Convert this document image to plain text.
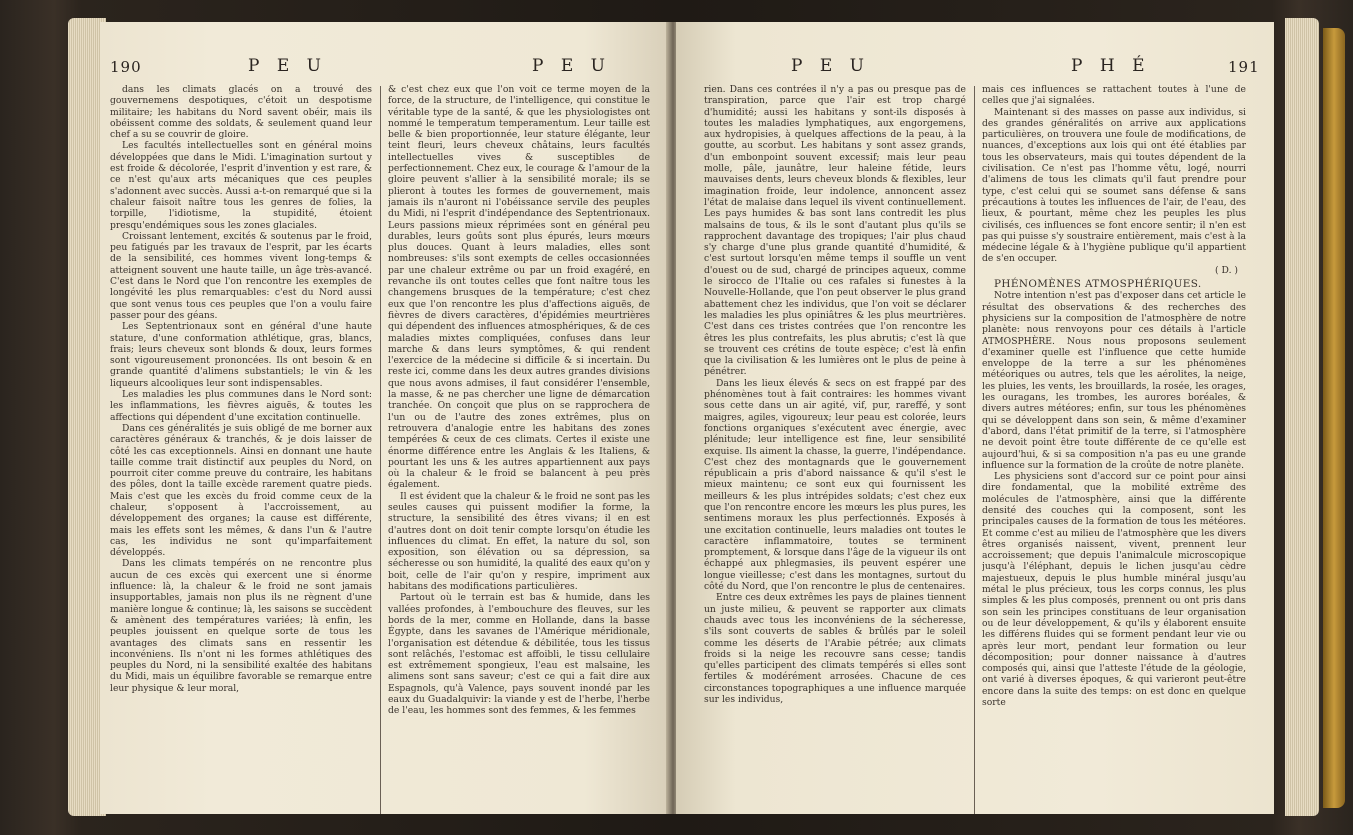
190	P E U	P E U

dans les climats glacés on a trouvé des gouvernemens despotiques, c'étoit un despotisme militaire; les habitans du Nord savent obéir, mais ils obéissent comme des soldats, & seulement quand leur chef a su se couvrir de gloire.

Les facultés intellectuelles sont en général moins développées que dans le Midi. L'imagination surtout y est froide & décolorée, l'esprit d'invention y est rare, & ce n'est qu'aux arts mécaniques que ces peuples s'adonnent avec succès. Aussi a-t-on remarqué que si la chaleur faisoit naître tous les genres de folies, la torpille, l'idiotisme, la stupidité, étoient presqu'endémiques sous les zones glaciales.

Croissant lentement, excités & soutenus par le froid, peu fatigués par les travaux de l'esprit, par les écarts de la sensibilité, ces hommes vivent long-temps & atteignent souvent une haute taille, un âge très-avancé. C'est dans le Nord que l'on rencontre les exemples de longévité les plus remarquables: c'est du Nord aussi que sont venus tous ces peuples que l'on a voulu faire passer pour des géans.

Les Septentrionaux sont en général d'une haute stature, d'une conformation athlétique, gras, blancs, frais; leurs cheveux sont blonds & doux, leurs formes sont vigoureusement prononcées. Ils ont besoin & en grande quantité d'alimens substantiels; le vin & les liqueurs alcooliques leur sont indispensables.

Les maladies les plus communes dans le Nord sont: les inflammations, les fièvres aiguës, & toutes les affections qui dépendent d'une excitation continuelle.

Dans ces généralités je suis obligé de me borner aux caractères généraux & tranchés, & je dois laisser de côté les cas exceptionnels. Ainsi en donnant une haute taille comme trait distinctif aux peuples du Nord, on pourroit citer comme preuve du contraire, les habitans des pôles, dont la taille excède rarement quatre pieds. Mais c'est que les excès du froid comme ceux de la chaleur, s'opposent à l'accroissement, au développement des organes; la cause est différente, mais les effets sont les mêmes, & dans l'un & l'autre cas, les individus ne sont qu'imparfaitement développés.

Dans les climats tempérés on ne rencontre plus aucun de ces excès qui exercent une si énorme influence: là, la chaleur & le froid ne sont jamais insupportables, jamais non plus ils ne règnent d'une manière longue & continue; là, les saisons se succèdent & amènent des températures variées; là enfin, les peuples jouissent en quelque sorte de tous les avantages des climats sans en ressentir les inconvéniens. Ils n'ont ni les formes athlétiques des peuples du Nord, ni la sensibilité exaltée des habitans du Midi, mais un équilibre favorable se remarque entre leur physique & leur moral,

& c'est chez eux que l'on voit ce terme moyen de la force, de la structure, de l'intelligence, qui constitue le véritable type de la santé, & que les physiologistes ont nommé le temperatum temperamentum. Leur taille est belle & bien proportionnée, leur stature élégante, leur teint fleuri, leurs cheveux châtains, leurs facultés intellectuelles vives & susceptibles de perfectionnement. Chez eux, le courage & l'amour de la gloire peuvent s'allier à la sensibilité morale; ils se plieront à toutes les formes de gouvernement, mais jamais ils n'auront ni l'obéissance servile des peuples du Midi, ni l'esprit d'indépendance des Septentrionaux. Leurs passions mieux réprimées sont en général peu durables, leurs goûts sont plus épurés, leurs mœurs plus douces. Quant à leurs maladies, elles sont nombreuses: s'ils sont exempts de celles occasionnées par une chaleur extrême ou par un froid exagéré, en revanche ils ont toutes celles que font naître tous les changemens brusques de la température; c'est chez eux que l'on rencontre les plus d'affections aiguës, de fièvres de divers caractères, d'épidémies meurtrières qui dépendent des influences atmosphériques, & de ces maladies mixtes compliquées, confuses dans leur marche & dans leurs symptômes, & qui rendent l'exercice de la médecine si difficile & si incertain. Du reste ici, comme dans les deux autres grandes divisions que nous avons admises, il faut considérer l'ensemble, la masse, & ne pas chercher une ligne de démarcation tranchée. On conçoit que plus on se rapprochera de l'un ou de l'autre des zones extrêmes, plus on retrouvera d'analogie entre les habitans des zones tempérées & ceux de ces climats. Certes il existe une énorme différence entre les Anglais & les Italiens, & pourtant les uns & les autres appartiennent aux pays où la chaleur & le froid se balancent à peu près également.

Il est évident que la chaleur & le froid ne sont pas les seules causes qui puissent modifier la forme, la structure, la sensibilité des êtres vivans; il en est d'autres dont on doit tenir compte lorsqu'on étudie les influences du climat. En effet, la nature du sol, son exposition, son élévation ou sa dépression, sa sécheresse ou son humidité, la qualité des eaux qu'on y boit, celle de l'air qu'on y respire, impriment aux habitans des modifications particulières.

Partout où le terrain est bas & humide, dans les vallées profondes, à l'embouchure des fleuves, sur les bords de la mer, comme en Hollande, dans la basse Égypte, dans les savanes de l'Amérique méridionale, l'organisation est détendue & débilitée, tous les tissus sont relâchés, l'estomac est affoibli, le tissu cellulaire est extrêmement spongieux, l'eau est malsaine, les alimens sont sans saveur; c'est ce qui a fait dire aux Espagnols, qu'à Valence, pays souvent inondé par les eaux du Guadalquivir: la viande y est de l'herbe, l'herbe de l'eau, les hommes sont des femmes, & les femmes

P E U	P H É	191

rien. Dans ces contrées il n'y a pas ou presque pas de transpiration, parce que l'air est trop chargé d'humidité; aussi les habitans y sont-ils disposés à toutes les maladies lymphatiques, aux engorgemens, aux hydropisies, à quelques affections de la peau, à la goutte, au scorbut. Les habitans y sont assez grands, d'un embonpoint souvent excessif; mais leur peau molle, pâle, jaunâtre, leur haleine fétide, leurs mauvaises dents, leurs cheveux blonds & flexibles, leur imagination froide, leur indolence, annoncent assez l'état de malaise dans lequel ils vivent continuellement. Les pays humides & bas sont lans contredit les plus malsains de tous, & ils le sont d'autant plus qu'ils se rapprochent davantage des tropiques; l'air plus chaud s'y charge d'une plus grande quantité d'humidité, & c'est surtout lorsqu'en même temps il souffle un vent d'ouest ou de sud, chargé de principes aqueux, comme le sirocco de l'Italie ou ces rafales si funestes à la Nouvelle-Hollande, que l'on peut observer le plus grand abattement chez les individus, que l'on voit se déclarer les maladies les plus opiniâtres & les plus meurtrières. C'est dans ces tristes contrées que l'on rencontre les êtres les plus contrefaits, les plus abrutis; c'est là que se trouvent ces crétins de toute espèce; c'est là enfin que la civilisation & les lumières ont le plus de peine à pénétrer.

Dans les lieux élevés & secs on est frappé par des phénomènes tout à fait contraires: les hommes vivant sous cette dans un air agité, vif, pur, rareffé, y sont maigres, agiles, vigoureux; leur peau est colorée, leurs fonctions organiques s'exécutent avec énergie, avec plénitude; leur intelligence est fine, leur sensibilité exquise. Ils aiment la chasse, la guerre, l'indépendance. C'est chez des montagnards que le gouvernement républicain a pris d'abord naissance & qu'il s'est le mieux maintenu; ce sont eux qui fournissent les meilleurs & les plus intrépides soldats; c'est chez eux que l'on rencontre encore les mœurs les plus pures, les sentimens moraux les plus perfectionnés. Exposés à une excitation continuelle, leurs maladies ont toutes le caractère inflammatoire, toutes se terminent promptement, & lorsque dans l'âge de la vigueur ils ont échappé aux phlegmasies, ils peuvent espérer une longue vieillesse; c'est dans les montagnes, surtout du côté du Nord, que l'on rencontre le plus de centenaires.

Entre ces deux extrêmes les pays de plaines tiennent un juste milieu, & peuvent se rapporter aux climats chauds avec tous les inconvéniens de la sécheresse, s'ils sont couverts de sables & brûlés par le soleil comme les déserts de l'Arabie pétrée; aux climats froids si la neige les recouvre sans cesse; tandis qu'elles participent des climats tempérés si elles sont fertiles & modérément arrosées. Chacune de ces circonstances topographiques a une influence marquée sur les individus,

mais ces influences se rattachent toutes à l'une de celles que j'ai signalées.

Maintenant si des masses on passe aux individus, si des grandes généralités on arrive aux applications particulières, on trouvera une foule de modifications, de nuances, d'exceptions aux lois qui ont été établies par tous les observateurs, mais qui toutes dépendent de la civilisation. Ce n'est pas l'homme vêtu, logé, nourri d'alimens de tous les climats qu'il faut prendre pour type, c'est celui qui se soumet sans défense & sans précautions à toutes les influences de l'air, de l'eau, des lieux, & pourtant, même chez les peuples les plus civilisés, ces influences se font encore sentir; il n'en est pas qui puisse s'y soustraire entièrement, mais c'est à la médecine légale & à l'hygiène publique qu'il appartient de s'en occuper.

( D. )

PHÉNOMÈNES ATMOSPHÉRIQUES.

Notre intention n'est pas d'exposer dans cet article le résultat des observations & des recherches des physiciens sur la composition de l'atmosphère de notre planète: nous renvoyons pour ces détails à l'article ATMOSPHÈRE. Nous nous proposons seulement d'examiner quelle est l'influence que cette humide enveloppe de la terre a sur les phénomènes météoriques ou autres, tels que les aérolites, la neige, les pluies, les vents, les brouillards, la rosée, les orages, les ouragans, les trombes, les aurores boréales, & divers autres météores; enfin, sur tous les phénomènes qui se développent dans son sein, & même d'examiner d'abord, dans l'état primitif de la terre, si l'atmosphère ne devoit point être toute différente de ce qu'elle est aujourd'hui, & si sa composition n'a pas eu une grande influence sur la formation de la croûte de notre planète.

Les physiciens sont d'accord sur ce point pour ainsi dire fondamental, que la mobilité extrême des molécules de l'atmosphère, ainsi que la différente densité des couches qui la composent, sont les principales causes de la formation de tous les météores. Et comme c'est au milieu de l'atmosphère que les divers êtres organisés naissent, vivent, prennent leur accroissement; que depuis l'animalcule microscopique jusqu'à l'éléphant, depuis le lichen jusqu'au cèdre majestueux, depuis le plus humble minéral jusqu'au métal le plus précieux, tous les corps connus, les plus simples & les plus composés, prennent ou ont pris dans son sein les principes constituans de leur organisation ou de leur développement, & qu'ils y élaborent ensuite les différens fluides qui se forment pendant leur vie ou après leur mort, pendant leur formation ou leur décomposition; pour donner naissance à d'autres composés qui, ainsi que l'atteste l'étude de la géologie, ont varié à diverses époques, & qui varieront peut-être encore dans la suite des temps: on est donc en quelque sorte
